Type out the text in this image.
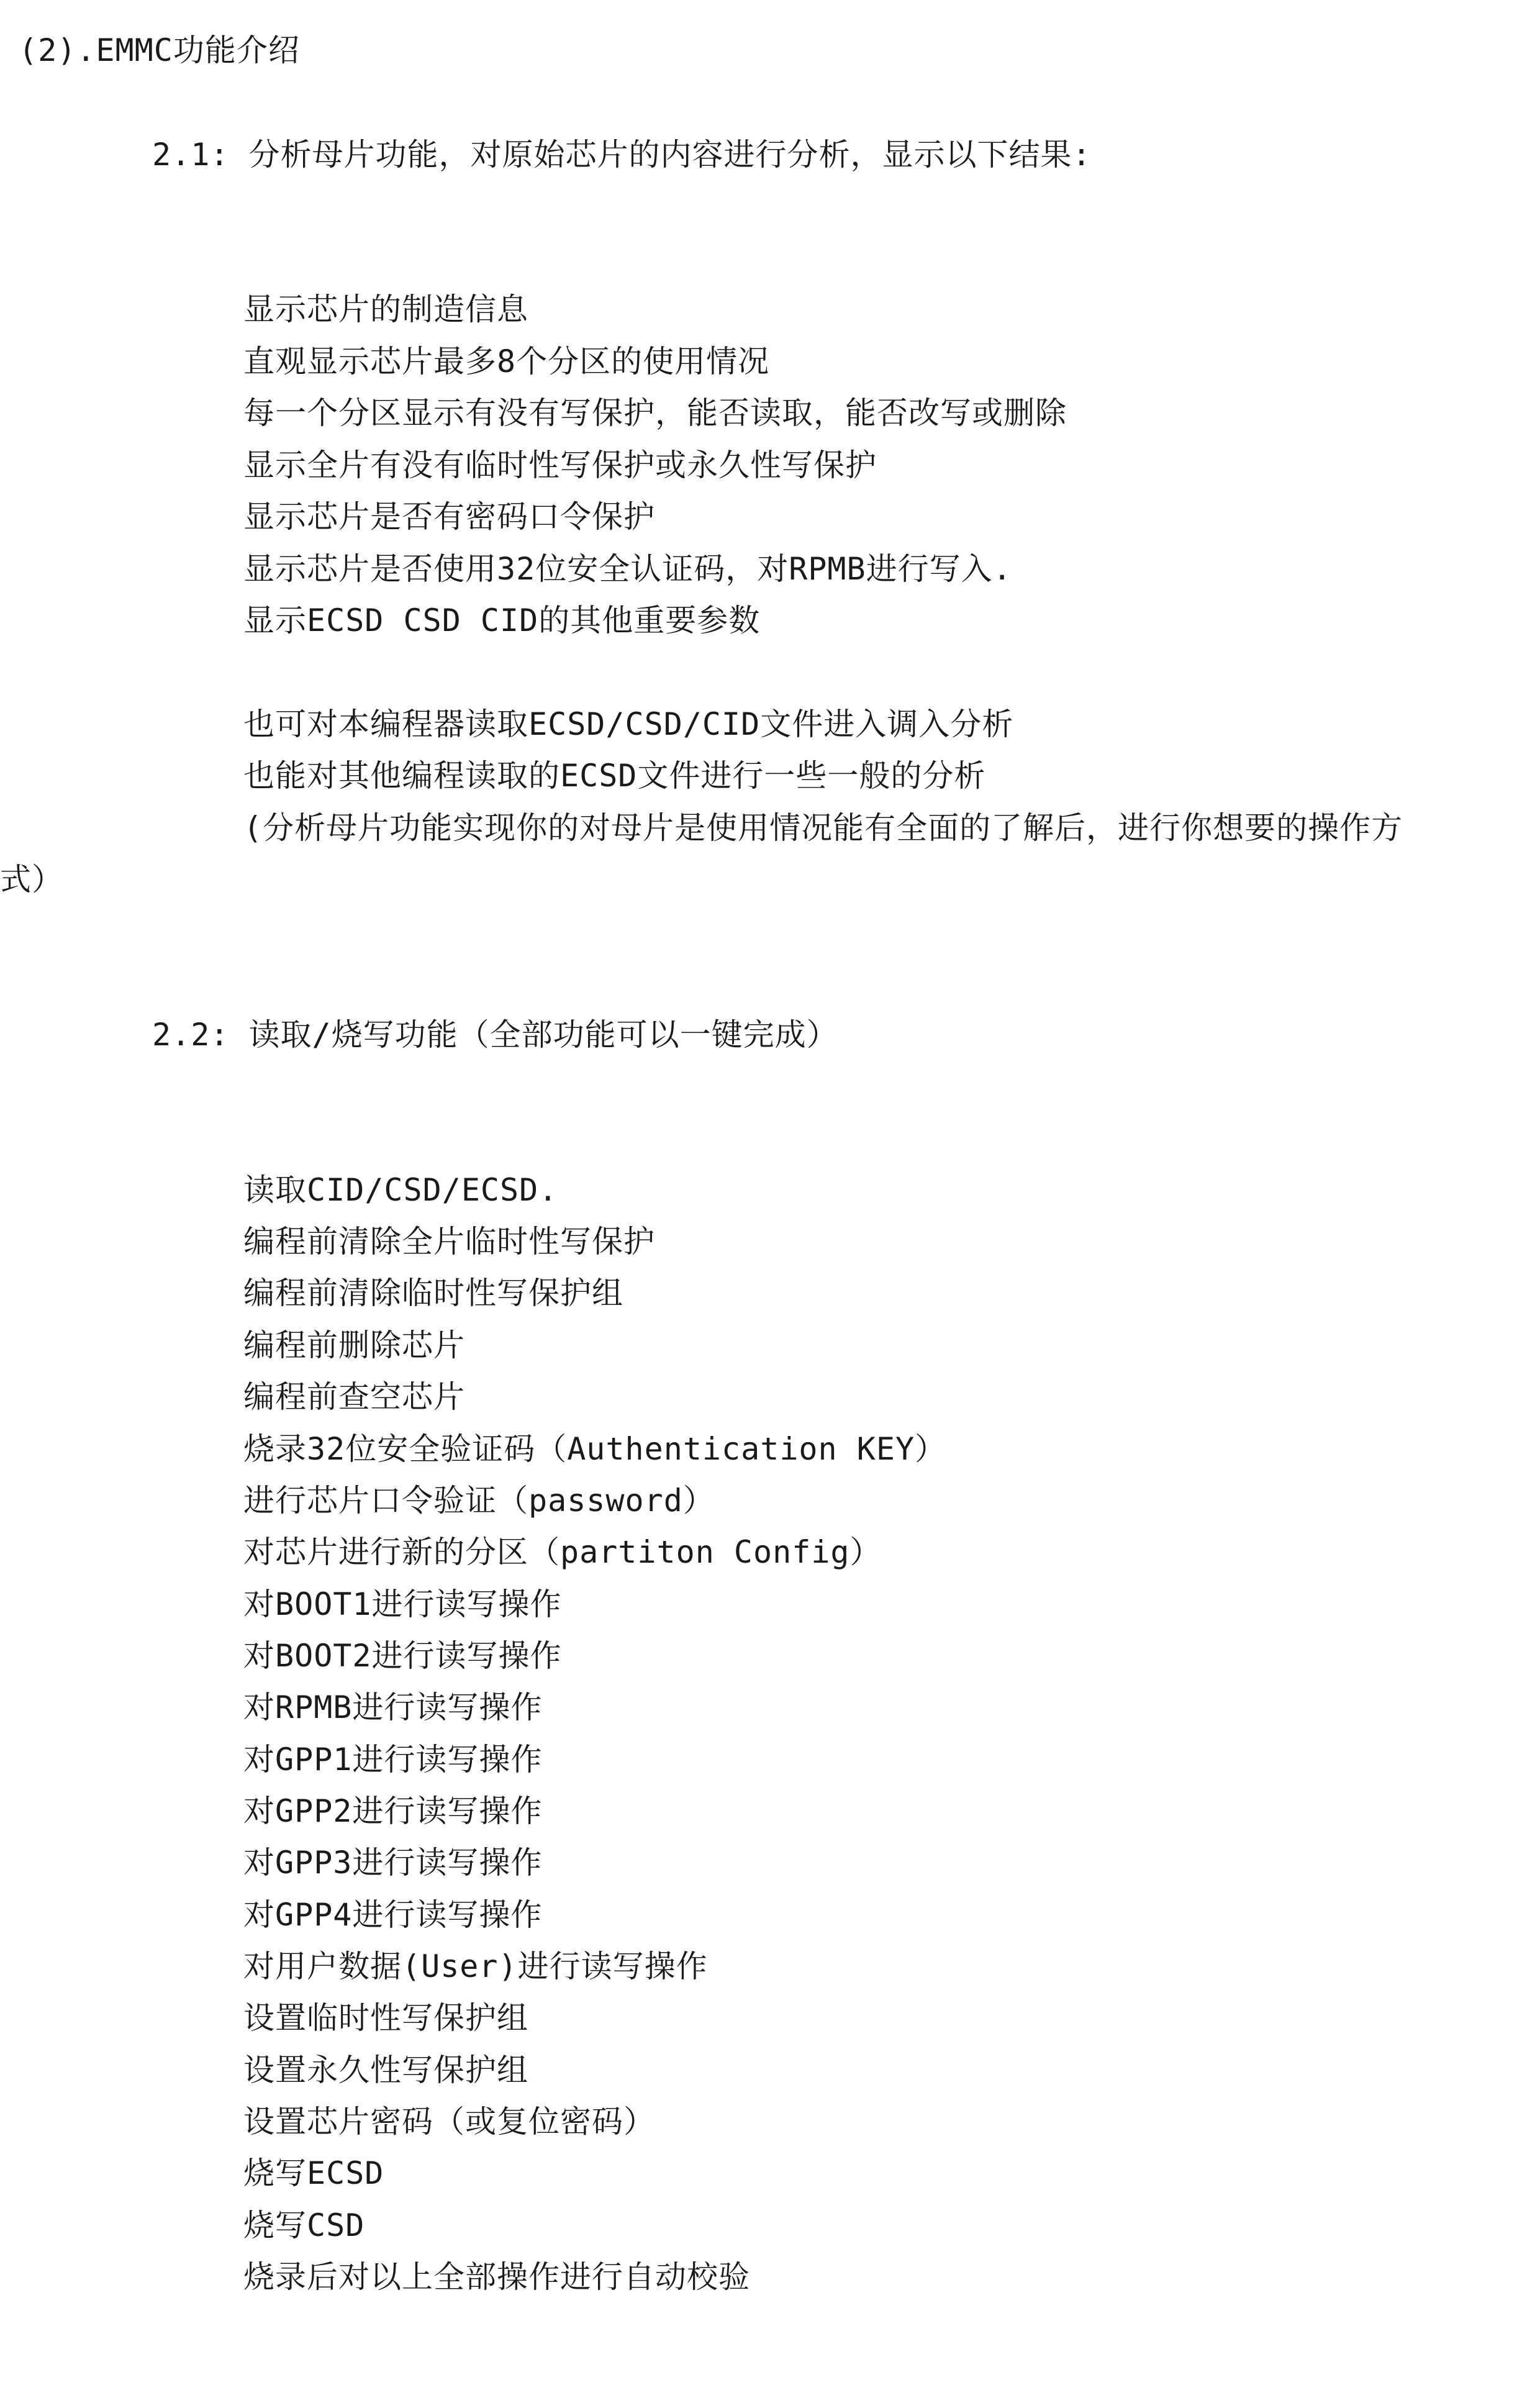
(2).EMMC功能介绍
2.1: 分析母片功能，对原始芯片的内容进行分析，显示以下结果:
显示芯片的制造信息
直观显示芯片最多8个分区的使用情况
每一个分区显示有没有写保护，能否读取，能否改写或删除
显示全片有没有临时性写保护或永久性写保护
显示芯片是否有密码口令保护
显示芯片是否使用32位安全认证码，对RPMB进行写入.
显示ECSD CSD CID的其他重要参数
也可对本编程器读取ECSD/CSD/CID文件进入调入分析
也能对其他编程读取的ECSD文件进行一些一般的分析
(分析母片功能实现你的对母片是使用情况能有全面的了解后，进行你想要的操作方
式）
2.2: 读取/烧写功能（全部功能可以一键完成）
读取CID/CSD/ECSD.
编程前清除全片临时性写保护
编程前清除临时性写保护组
编程前删除芯片
编程前查空芯片
烧录32位安全验证码（Authentication KEY）
进行芯片口令验证（password）
对芯片进行新的分区（partiton Config）
对BOOT1进行读写操作
对BOOT2进行读写操作
对RPMB进行读写操作
对GPP1进行读写操作
对GPP2进行读写操作
对GPP3进行读写操作
对GPP4进行读写操作
对用户数据(User)进行读写操作
设置临时性写保护组
设置永久性写保护组
设置芯片密码（或复位密码）
烧写ECSD
烧写CSD
烧录后对以上全部操作进行自动校验
